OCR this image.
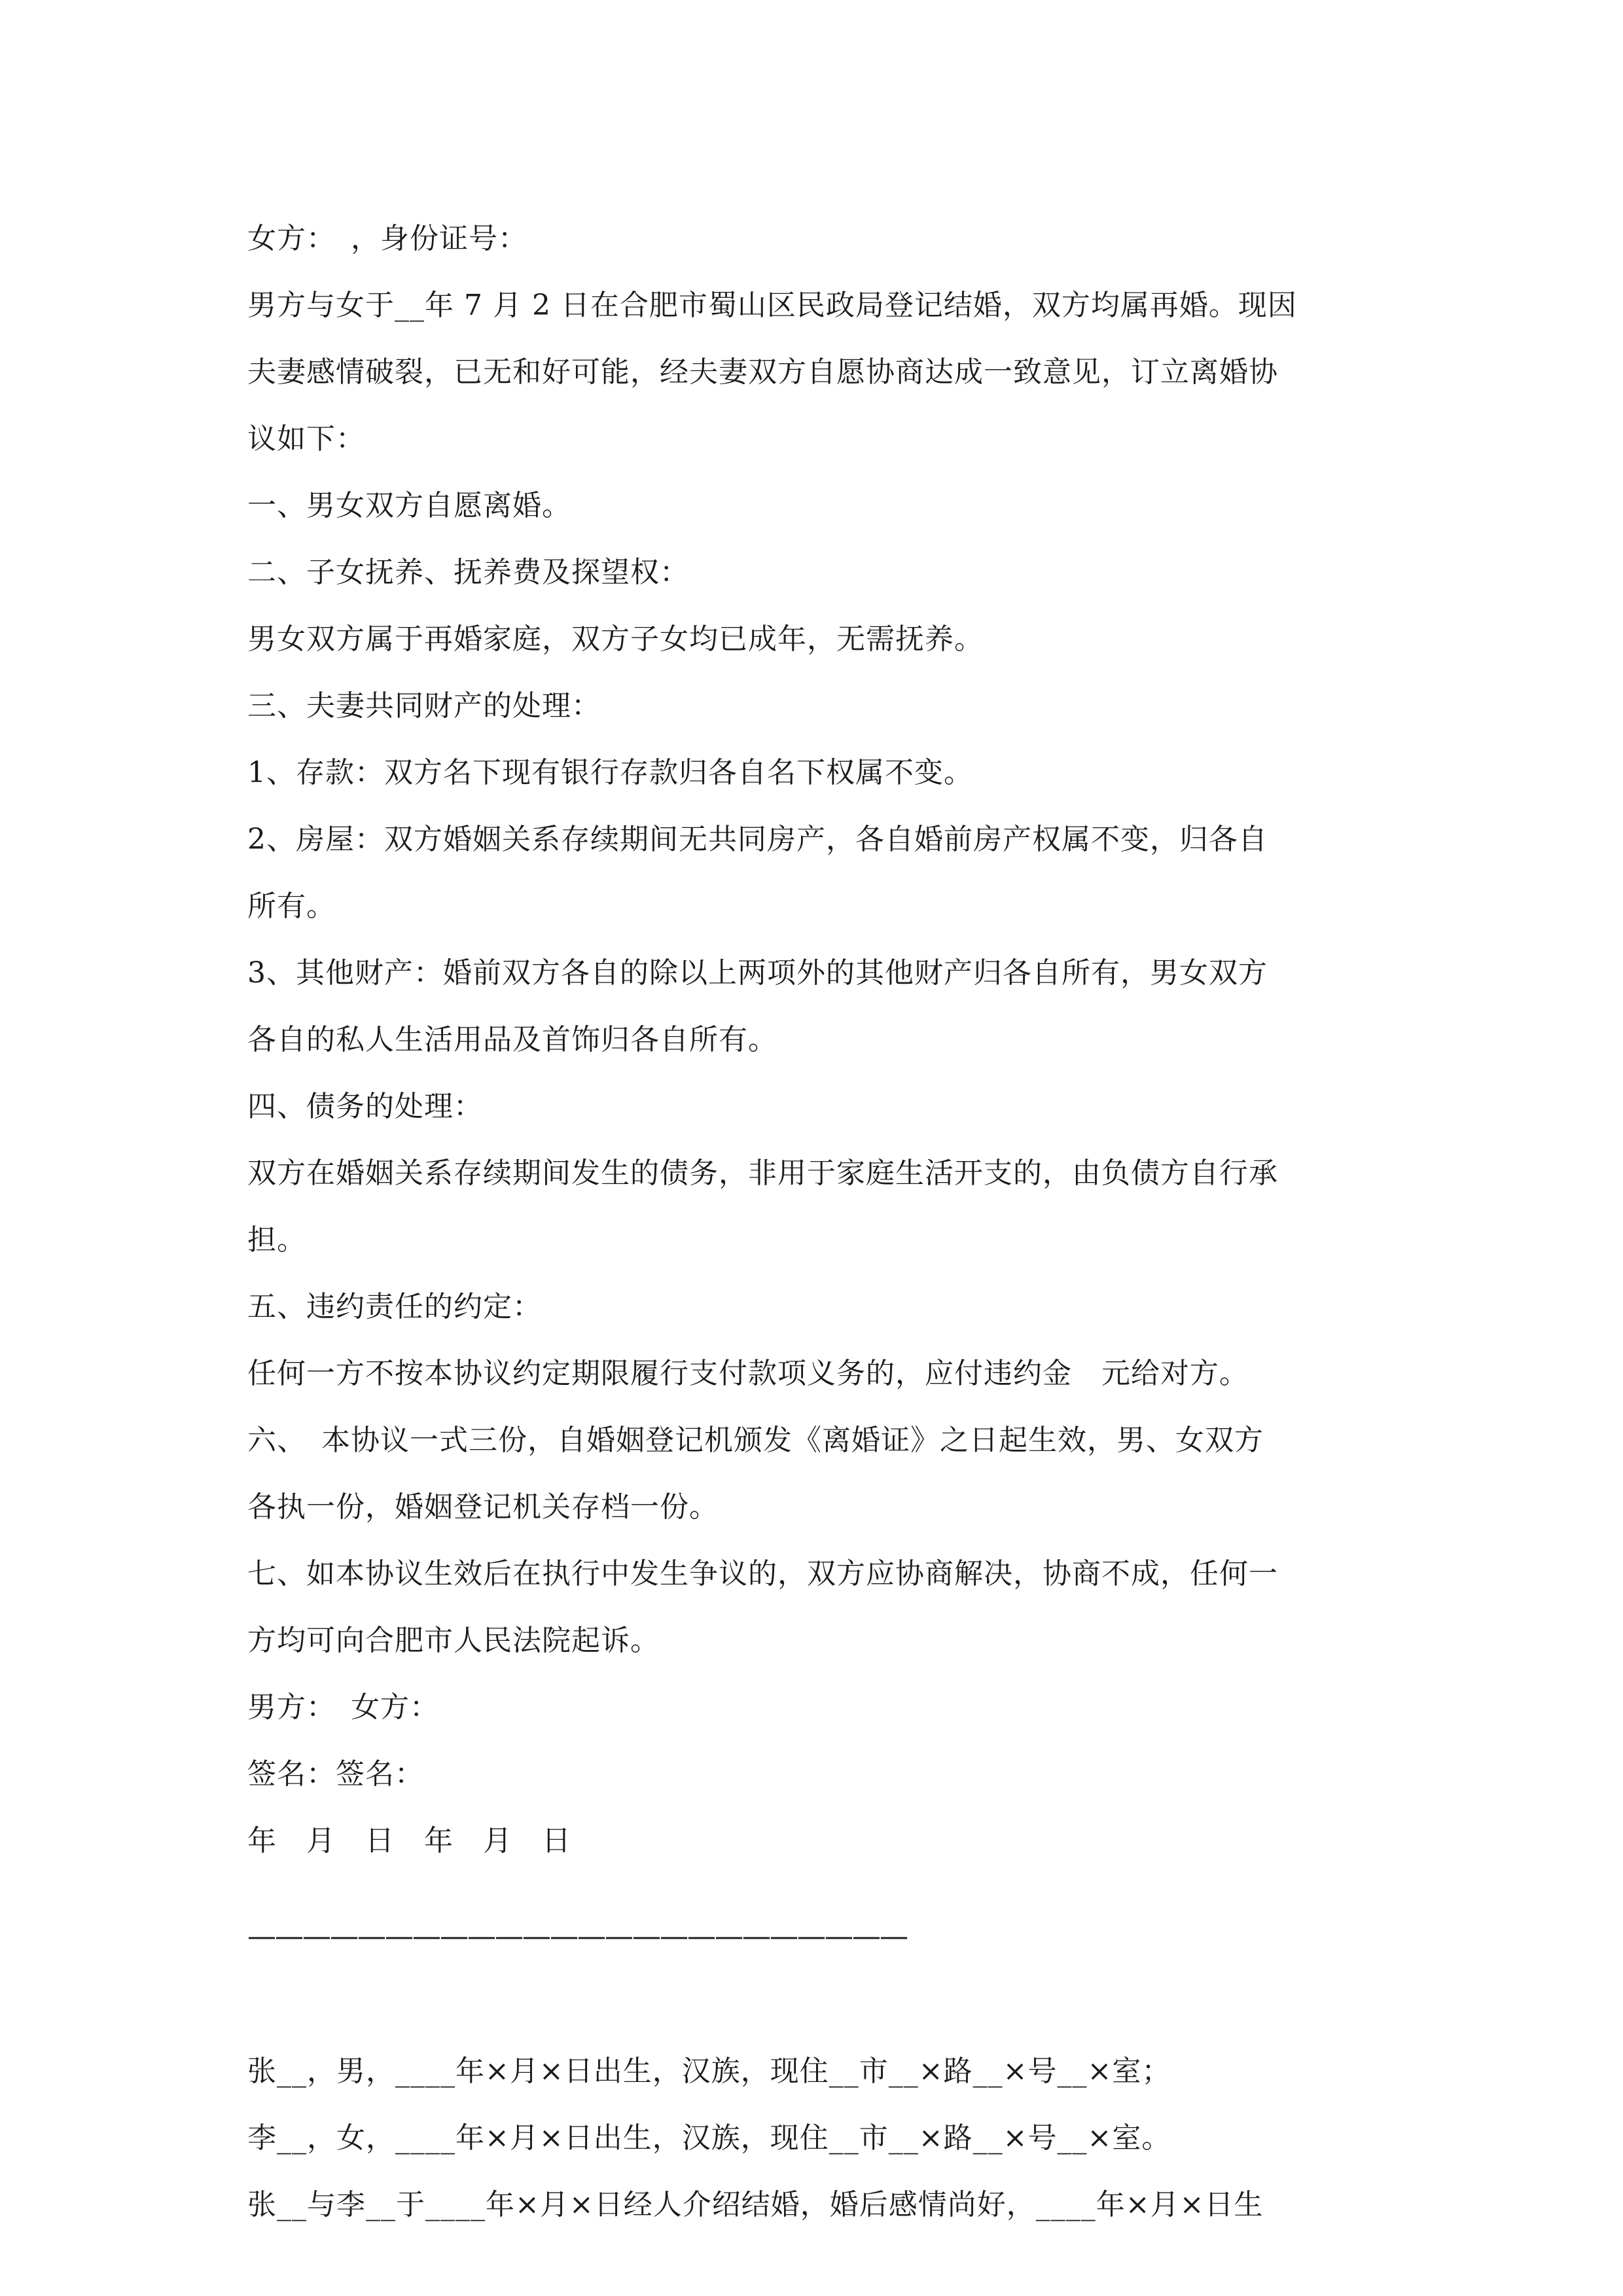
女方：　，身份证号：

男方与女于__年 7 月 2 日在合肥市蜀山区民政局登记结婚，双方均属再婚。现因

夫妻感情破裂，已无和好可能，经夫妻双方自愿协商达成一致意见，订立离婚协

议如下：

一、男女双方自愿离婚。

二、子女抚养、抚养费及探望权：

男女双方属于再婚家庭，双方子女均已成年，无需抚养。

三、夫妻共同财产的处理：

1、存款：双方名下现有银行存款归各自名下权属不变。

2、房屋：双方婚姻关系存续期间无共同房产，各自婚前房产权属不变，归各自

所有。

3、其他财产：婚前双方各自的除以上两项外的其他财产归各自所有，男女双方

各自的私人生活用品及首饰归各自所有。

四、债务的处理：

双方在婚姻关系存续期间发生的债务，非用于家庭生活开支的，由负债方自行承

担。

五、违约责任的约定：

任何一方不按本协议约定期限履行支付款项义务的，应付违约金　元给对方。

六、　本协议一式三份，自婚姻登记机颁发《离婚证》之日起生效，男、女双方

各执一份，婚姻登记机关存档一份。

七、如本协议生效后在执行中发生争议的，双方应协商解决，协商不成，任何一

方均可向合肥市人民法院起诉。

男方：　女方：

签名：签名：

年　月　日　年　月　日

————————————————————————

张__，男，____年×月×日出生，汉族，现住__市__×路__×号__×室；

李__，女，____年×月×日出生，汉族，现住__市__×路__×号__×室。

张__与李__于____年×月×日经人介绍结婚，婚后感情尚好，____年×月×日生
